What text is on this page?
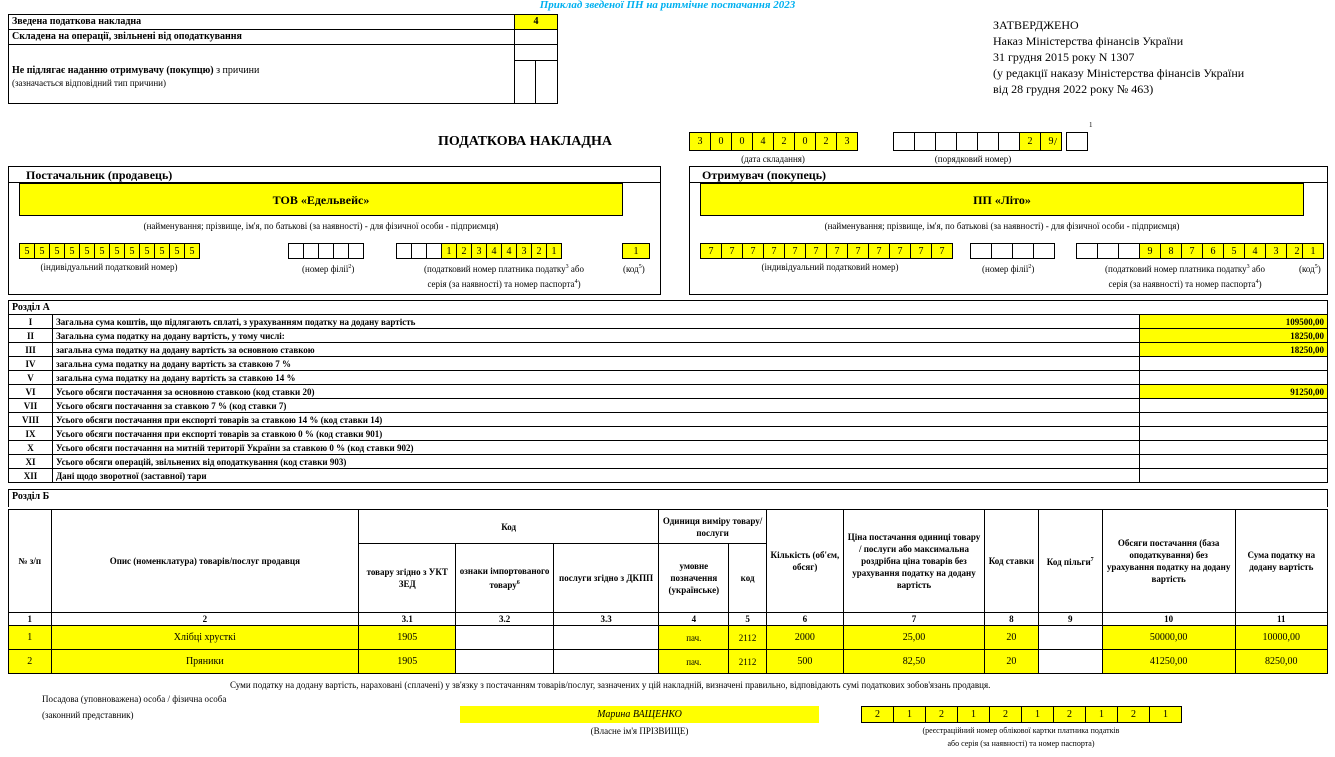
Приклад зведеної ПН на ритмічне постачання 2023
Зведена податкова накладна
Складена на операції, звільнені від оподаткування
Не підлягає наданню отримувачу (покупцю) з причини
(зазначається відповідний тип причини)
4	ЗАТВЕРДЖЕНО
Наказ Міністерства фінансів України
31 грудня 2015 року N 1307
(у редакції наказу Міністерства фінансів України
від 28 грудня 2022 року № 463)
ПОДАТКОВА НАКЛАДНА	3 0 0 4 2 0 2 3
(дата складання)
2 9 /
1
(порядковий номер)
Постачальник (продавець)
ТОВ «Едельвейс»
(найменування; прізвище, ім'я, по батькові (за наявності) - для фізичної особи - підприємця)
5 5 5 5 5 5 5 5 5 5 5 5
(індивідуальний податковий номер)	(номер філії$^2$)
1 2 3 4 4 3 2 1
(податковий номер платника податку$^3$ або
серія (за наявності) та номер паспорта$^4$)
1
(код$^5$)
Отримувач (покупець)
ПП «Літо»
(найменування; прізвище, ім'я, по батькові (за наявності) - для фізичної особи - підприємця)
7 7 7 7 7 7 7 7 7 7 7 7
(індивідуальний податковий номер)	(номер філії$^2$)
9 8 7 6 5 4 3 2
(податковий номер платника податку$^3$ або
серія (за наявності) та номер паспорта$^4$)
1
(код$^5$)
Розділ А		
I	Загальна сума коштів, що підлягають сплаті, з урахуванням податку на додану вартість	109500,00
II	Загальна сума податку на додану вартість, у тому числі:	18250,00
III	загальна сума податку на додану вартість за основною ставкою	18250,00
IV	загальна сума податку на додану вартість за ставкою 7 %	
V	загальна сума податку на додану вартість за ставкою 14 %	
VI	Усього обсяги постачання за основною ставкою (код ставки 20)	91250,00
VII	Усього обсяги постачання за ставкою 7 % (код ставки 7)	
VIII	Усього обсяги постачання при експорті товарів за ставкою 14 % (код ставки 14)	
IX	Усього обсяги постачання при експорті товарів за ставкою 0 % (код ставки 901)	
X	Усього обсяги постачання на митній території України за ставкою 0 % (код ставки 902)	
XI	Усього обсяги операцій, звільнених від оподаткування (код ставки 903)	
XII	Дані щодо зворотної (заставної) тари	
Розділ Б
№ з/п	Опис (номенклатура) товарів/послуг продавця	Код			Одиниця виміру товару/послуги		Кількість (об'єм, обсяг)	Ціна постачання одиниці товару / послуги або максимальна роздрібна ціна товарів без урахування податку на додану вартість	Код ставки	Код пільги$^7$	Обсяги постачання (база оподаткування) без урахування податку на додану вартість	Сума податку на додану вартість
		товару згідно з УКТ ЗЕД	ознаки імпортованого товару$^6$	послуги згідно з ДКПП	умовне позначення (українське)	код						
1	2	3.1	3.2	3.3	4	5	6	7	8	9	10	11
1	Хлібці хрусткі	1905			пач.	2112	2000	25,00	20		50000,00	10000,00
2	Пряники	1905			пач.	2112	500	82,50	20		41250,00	8250,00
Суми податку на додану вартість, нараховані (сплачені) у зв'язку з постачанням товарів/послуг, зазначених у цій накладній, визначені правильно, відповідають сумі податкових зобов'язань продавця.
Посадова (уповноважена) особа / фізична особа
(законний представник)	Марина ВАЩЕНКО
(Власне ім'я ПРІЗВИЩЕ)
2	1	2	1	2	1	2	1	2	1
(реєстраційний номер облікової картки платника податків
або серія (за наявності) та номер паспорта)
